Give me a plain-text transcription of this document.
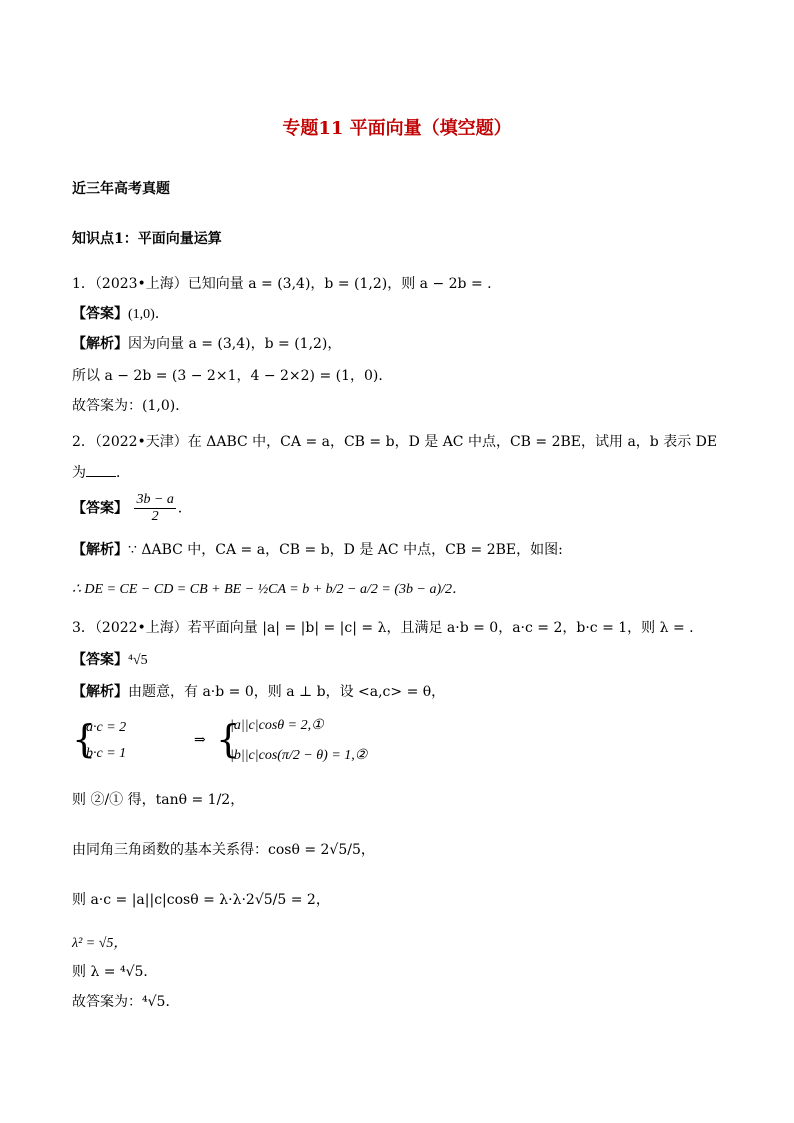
专题11 平面向量（填空题）
近三年高考真题
知识点1：平面向量运算
1．（2023•上海）已知向量 a = (3,4)，b = (1,2)，则 a − 2b = .
【答案】(1,0)．
【解析】因为向量 a = (3,4)，b = (1,2)，
所以 a − 2b = (3 − 2×1，4 − 2×2) = (1，0)．
故答案为：(1,0)．
2．（2022•天津）在 ΔABC 中，CA = a，CB = b，D 是 AC 中点，CB = 2BE，试用 a，b 表示 DE
为 ．
【答案】 $\frac{3b - a}{2}$ ．
【解析】∵ ΔABC 中，CA = a，CB = b，D 是 AC 中点，CB = 2BE，如图:
∴ DE = CE − CD = CB + BE − ½CA = b + b/2 − a/2 = (3b − a)/2．
3．（2022•上海）若平面向量 |a| = |b| = |c| = λ，且满足 a·b = 0，a·c = 2，b·c = 1，则 λ = .
【答案】⁴√5
【解析】由题意，有 a·b = 0，则 a ⊥ b，设 <a,c> = θ，
{
a·c = 2
b·c = 1
⇒ {
|a||c|cosθ = 2,①
|b||c|cos(π/2 − θ) = 1,②
则 ②/① 得，tanθ = 1/2，
由同角三角函数的基本关系得：cosθ = 2√5/5，
则 a·c = |a||c|cosθ = λ·λ·2√5/5 = 2，
λ² = √5，
则 λ = ⁴√5．
故答案为：⁴√5．
